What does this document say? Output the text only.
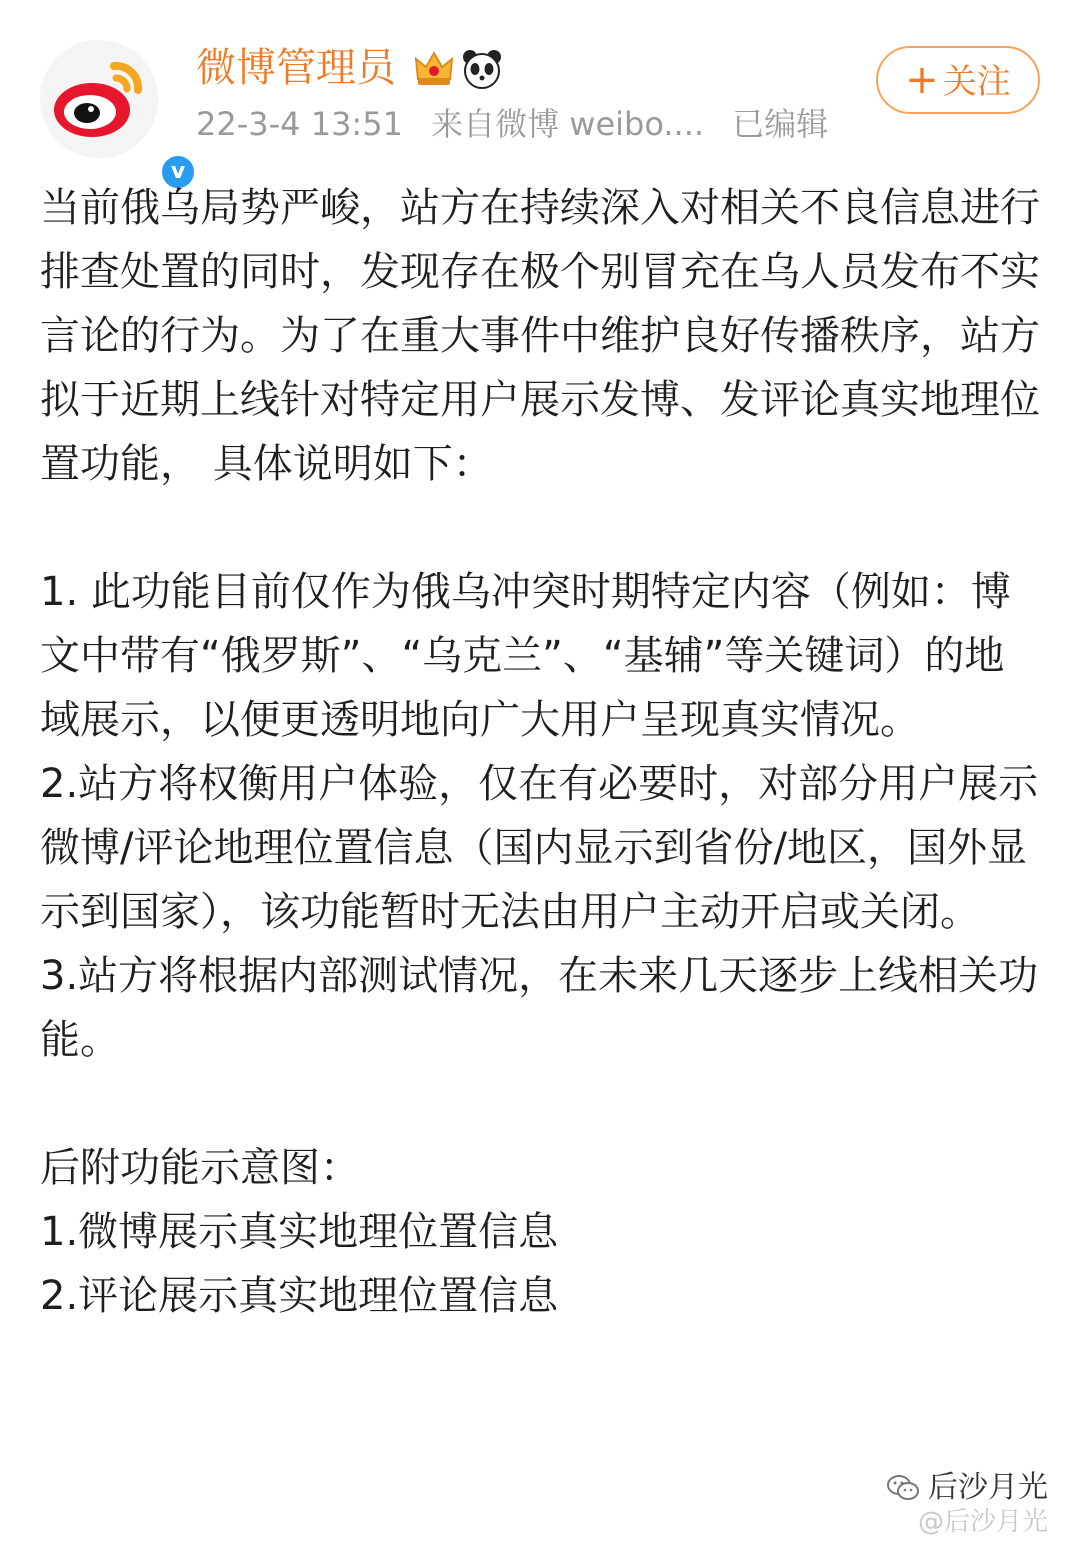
v
微博管理员
22-3-4 13:51 来自微博 weibo.... 已编辑
+ 关注

当前俄乌局势严峻，站方在持续深入对相关不良信息进行排查处置的同时，发现存在极个别冒充在乌人员发布不实言论的行为。为了在重大事件中维护良好传播秩序，站方拟于近期上线针对特定用户展示发博、发评论真实地理位置功能， 具体说明如下：

1. 此功能目前仅作为俄乌冲突时期特定内容（例如：博文中带有“俄罗斯”、“乌克兰”、“基辅”等关键词）的地域展示，以便更透明地向广大用户呈现真实情况。

2.站方将权衡用户体验，仅在有必要时，对部分用户展示微博/评论地理位置信息（国内显示到省份/地区，国外显示到国家），该功能暂时无法由用户主动开启或关闭。

3.站方将根据内部测试情况，在未来几天逐步上线相关功能。

后附功能示意图：

1.微博展示真实地理位置信息

2.评论展示真实地理位置信息

后沙月光
@后沙月光
